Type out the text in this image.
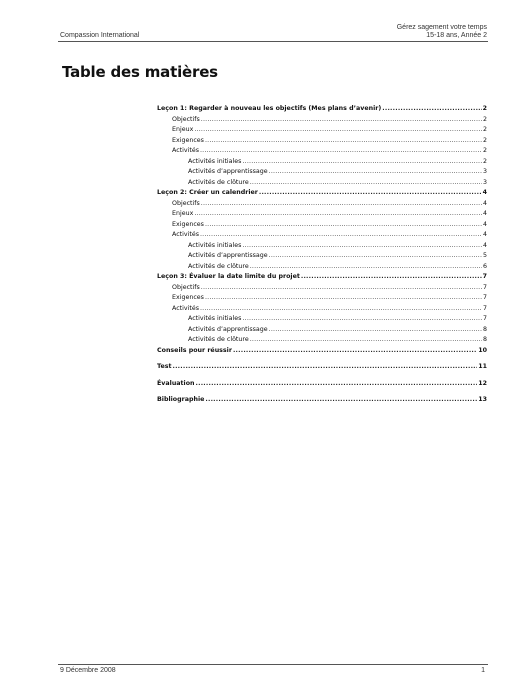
Compassion International
Gérez sagement votre temps
15-18 ans, Année 2
Table des matières
Leçon 1: Regarder à nouveau les objectifs (Mes plans d’avenir) .....	2
Objectifs .....	2
Enjeux .....	2
Exigences .....	2
Activités .....	2
Activités initiales .....	2
Activités d’apprentissage .....	3
Activités de clôture .....	3
Leçon 2: Créer un calendrier .....	4
Objectifs .....	4
Enjeux .....	4
Exigences .....	4
Activités .....	4
Activités initiales .....	4
Activités d’apprentissage .....	5
Activités de clôture .....	6
Leçon 3: Évaluer la date limite du projet .....	7
Objectifs .....	7
Exigences .....	7
Activités .....	7
Activités initiales .....	7
Activités d’apprentissage .....	8
Activités de clôture .....	8
Conseils pour réussir .....	10
Test .....	11
Évaluation .....	12
Bibliographie .....	13
9 Décembre 2008	1
